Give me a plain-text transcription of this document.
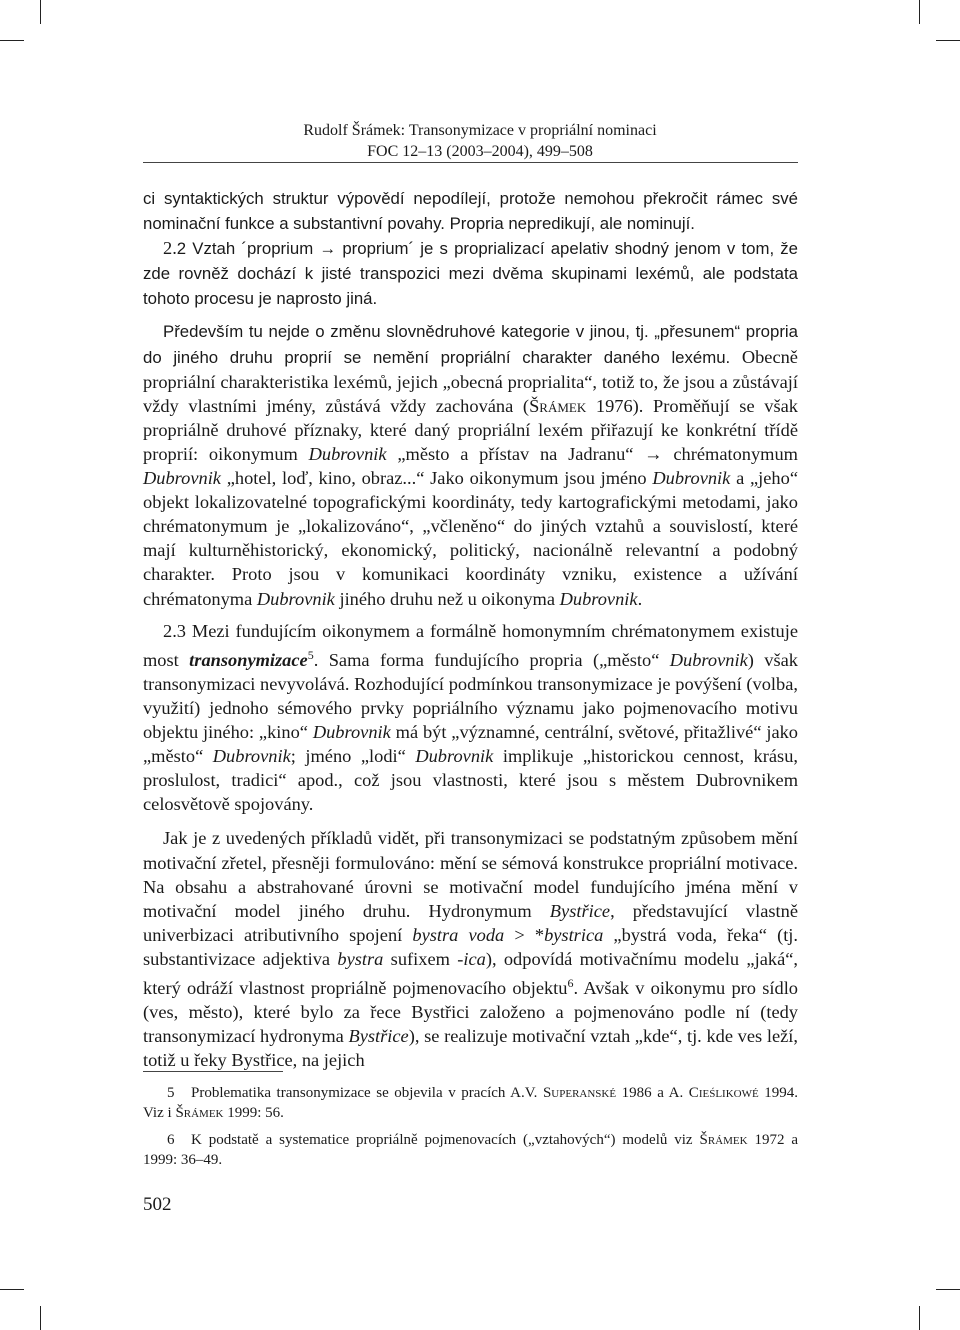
Rudolf Šrámek: Transonymizace v propriální nominaci
FOC 12–13 (2003–2004), 499–508

ci syntaktických struktur výpovědí nepodílejí, protože nemohou překročit rámec své nominační funkce a substantivní povahy. Propria nepredikují, ale nominují.

2.2 Vztah ´proprium → proprium´ je s proprializací apelativ shodný jenom v tom, že zde rovněž dochází k jisté transpozici mezi dvěma skupinami lexémů, ale podstata tohoto procesu je naprosto jiná.

Především tu nejde o změnu slovnědruhové kategorie v jinou, tj. „přesunem“ propria do jiného druhu proprií se nemění propriální charakter daného lexému. Obecně propriální charakteristika lexémů, jejich „obecná proprialita“, totiž to, že jsou a zůstávají vždy vlastními jmény, zůstává vždy zachována (Šrámek 1976). Proměňují se však propriálně druhové příznaky, které daný propriální lexém přiřazují ke konkrétní třídě proprií: oikonymum Dubrovnik „město a přístav na Jadranu“ → chrématonymum Dubrovnik „hotel, loď, kino, obraz...“ Jako oikonymum jsou jméno Dubrovnik a „jeho“ objekt lokalizovatelné topografickými koordináty, tedy kartografickými metodami, jako chrématonymum je „lokalizováno“, „včleněno“ do jiných vztahů a souvislostí, které mají kulturněhistorický, ekonomický, politický, nacionálně relevantní a podobný charakter. Proto jsou v komunikaci koordináty vzniku, existence a užívání chrématonyma Dubrovnik jiného druhu než u oikonyma Dubrovnik.

2.3 Mezi fundujícím oikonymem a formálně homonymním chrématonymem existuje most transonymizace$^5$. Sama forma fundujícího propria („město“ Dubrovnik) však transonymizaci nevyvolává. Rozhodující podmínkou transonymizace je povýšení (volba, využití) jednoho sémového prvky popriálního významu jako pojmenovacího motivu objektu jiného: „kino“ Dubrovnik má být „významné, centrální, světové, přitažlivé“ jako „město“ Dubrovnik; jméno „lodi“ Dubrovnik implikuje „historickou cennost, krásu, proslulost, tradici“ apod., což jsou vlastnosti, které jsou s městem Dubrovnikem celosvětově spojovány.

Jak je z uvedených příkladů vidět, při transonymizaci se podstatným způsobem mění motivační zřetel, přesněji formulováno: mění se sémová konstrukce propriální motivace. Na obsahu a abstrahované úrovni se motivační model fundujícího jména mění v motivační model jiného druhu. Hydronymum Bystřice, představující vlastně univerbizaci atributivního spojení bystra voda > *bystrica „bystrá voda, řeka“ (tj. substantivizace adjektiva bystra sufixem -ica), odpovídá motivačnímu modelu „jaká“, který odráží vlastnost propriálně pojmenovacího objektu$^6$. Avšak v oikonymu pro sídlo (ves, město), které bylo za řece Bystřici založeno a pojmenováno podle ní (tedy transonymizací hydronyma Bystřice), se realizuje motivační vztah „kde“, tj. kde ves leží, totiž u řeky Bystřice, na jejich

5 Problematika transonymizace se objevila v pracích A.V. Superanské 1986 a A. Cieślikowé 1994. Viz i Šrámek 1999: 56.

6 K podstatě a systematice propriálně pojmenovacích („vztahových“) modelů viz Šrámek 1972 a 1999: 36–49.

502
